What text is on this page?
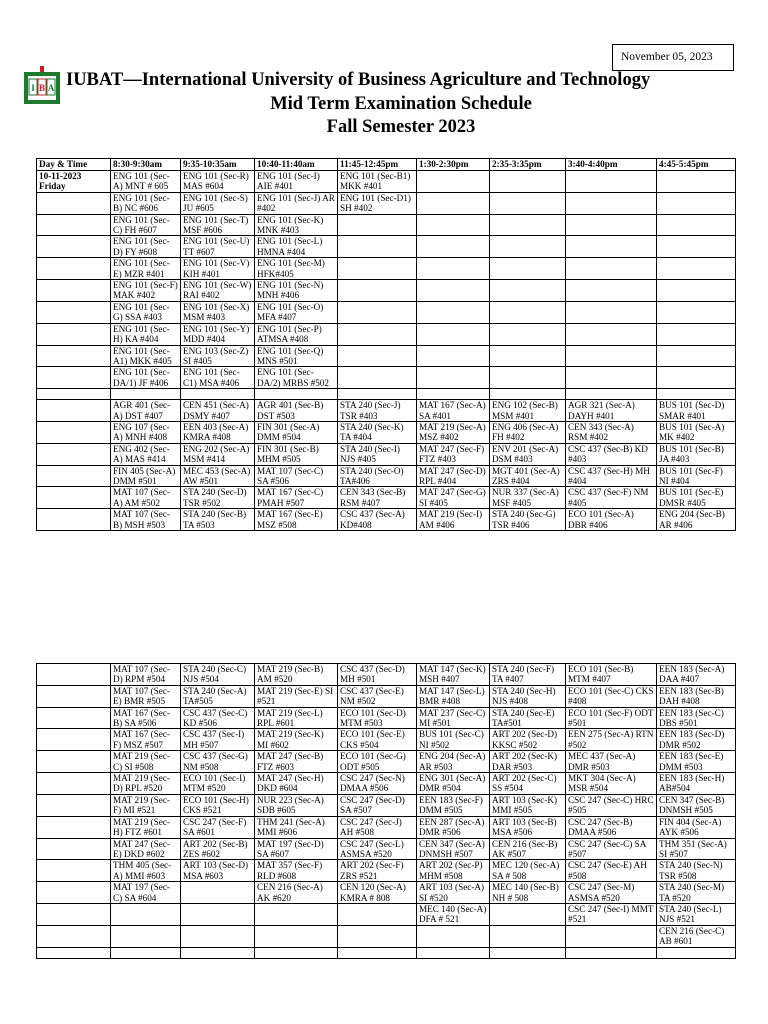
November 05, 2023
I B A IUBAT—International University of Business Agriculture and Technology
Mid Term Examination Schedule
Fall Semester 2023
Day & Time	8:30-9:30am	9:35-10:35am	10:40-11:40am	11:45-12:45pm	1:30-2:30pm	2:35-3:35pm	3:40-4:40pm	4:45-5:45pm

10-11-2023
Friday	ENG 101 (Sec-A) MNT # 605	ENG 101 (Sec-R) MAS #604	ENG 101 (Sec-I) AIE #401	ENG 101 (Sec-B1) MKK #401				
	ENG 101 (Sec-B) NC #606	ENG 101 (Sec-S) JU #605	ENG 101 (Sec-J) AR #402	ENG 101 (Sec-D1) SH #402				
	ENG 101 (Sec-C) FH #607	ENG 101 (Sec-T) MSF #606	ENG 101 (Sec-K) MNK #403					
	ENG 101 (Sec-D) FY #608	ENG 101 (Sec-U) TT #607	ENG 101 (Sec-L) HMNA #404					
	ENG 101 (Sec-E) MZR #401	ENG 101 (Sec-V) KIH #401	ENG 101 (Sec-M) HFK#405					
	ENG 101 (Sec-F) MAK #402	ENG 101 (Sec-W) RAI #402	ENG 101 (Sec-N) MNH #406					
	ENG 101 (Sec-G) SSA #403	ENG 101 (Sec-X) MSM #403	ENG 101 (Sec-O) MFA #407					
	ENG 101 (Sec-H) KA #404	ENG 101 (Sec-Y) MDD #404	ENG 101 (Sec-P) ATMSA #408					
	ENG 101 (Sec-A1) MKK #405	ENG 103 (Sec-Z) SI #405	ENG 101 (Sec-Q) MNS #501					
	ENG 101 (Sec-DA/1) JF #406	ENG 101 (Sec-C1) MSA #406	ENG 101 (Sec-DA/2) MRBS #502					

	AGR 401 (Sec-A) DST #407	CEN 451 (Sec-A) DSMY #407	AGR 401 (Sec-B) DST #503	STA 240 (Sec-J) TSR #403	MAT 167 (Sec-A) SA #401	ENG 102 (Sec-B) MSM #401	AGR 321 (Sec-A) DAYH #401	BUS 101 (Sec-D) SMAR #401
	ENG 107 (Sec-A) MNH #408	EEN 403 (Sec-A) KMRA #408	FIN 301 (Sec-A) DMM #504	STA 240 (Sec-K) TA #404	MAT 219 (Sec-A) MSZ #402	ENG 406 (Sec-A) FH #402	CEN 343 (Sec-A) RSM #402	BUS 101 (Sec-A) MK #402
	ENG 402 (Sec-A) MAS #414	ENG 202 (Sec-A) MSM #414	FIN 301 (Sec-B) MHM #505	STA 240 (Sec-I) NJS #405	MAT 247 (Sec-F) FTZ #403	ENV 201 (Sec-A) DSM #403	CSC 437 (Sec-B) KD #403	BUS 101 (Sec-B) JA #403
	FIN 405 (Sec-A) DMM #501	MEC 453 (Sec-A) AW #501	MAT 107 (Sec-C) SA #506	STA 240 (Sec-O) TA#406	MAT 247 (Sec-D) RPL #404	MGT 401 (Sec-A) ZRS #404	CSC 437 (Sec-H) MH #404	BUS 101 (Sec-F) NI #404
	MAT 107 (Sec-A) AM #502	STA 240 (Sec-D) TSR #502	MAT 167 (Sec-C) PMAH #507	CEN 343 (Sec-B) RSM #407	MAT 247 (Sec-G) SI #405	NUR 337 (Sec-A) MSF #405	CSC 437 (Sec-F) NM #405	BUS 101 (Sec-E) DMSR #405
	MAT 107 (Sec-B) MSH #503	STA 240 (Sec-B) TA #503	MAT 167 (Sec-E) MSZ #508	CSC 437 (Sec-A) KD#408	MAT 219 (Sec-I) AM #406	STA 240 (Sec-G) TSR #406	ECO 101 (Sec-A) DBR #406	ENG 204 (Sec-B) AR #406
	MAT 107 (Sec-D) RPM #504	STA 240 (Sec-C) NJS #504	MAT 219 (Sec-B) AM #520	CSC 437 (Sec-D) MH #501	MAT 147 (Sec-K) MSH #407	STA 240 (Sec-F) TA #407	ECO 101 (Sec-B) MTM #407	EEN 183 (Sec-A) DAA #407
	MAT 107 (Sec-E) BMR #505	STA 240 (Sec-A) TA#505	MAT 219 (Sec-E) SI #521	CSC 437 (Sec-E) NM #502	MAT 147 (Sec-L) BMR #408	STA 240 (Sec-H) NJS #408	ECO 101 (Sec-C) CKS #408	EEN 183 (Sec-B) DAH #408
	MAT 167 (Sec-B) SA #506	CSC 437 (Sec-C) KD #506	MAT 219 (Sec-L) RPL #601	ECO 101 (Sec-D) MTM #503	MAT 237 (Sec-C) MI #501	STA 240 (Sec-E) TA#501	ECO 101 (Sec-F) ODT #501	EEN 183 (Sec-C) DBS #501
	MAT 167 (Sec-F) MSZ #507	CSC 437 (Sec-I) MH #507	MAT 219 (Sec-K) MI #602	ECO 101 (Sec-E) CKS #504	BUS 101 (Sec-C) NI #502	ART 202 (Sec-D) KKSC #502	EEN 275 (Sec-A) RTN #502	EEN 183 (Sec-D) DMR #502
	MAT 219 (Sec-C) SI #508	CSC 437 (Sec-G) NM #508	MAT 247 (Sec-B) FTZ #603	ECO 101 (Sec-G) ODT #505	ENG 204 (Sec-A) AR #503	ART 202 (Sec-K) DAR #503	MEC 437 (Sec-A) DMR #503	EEN 183 (Sec-E) DMM #503
	MAT 219 (Sec-D) RPL #520	ECO 101 (Sec-I) MTM #520	MAT 247 (Sec-H) DKD #604	CSC 247 (Sec-N) DMAA #506	ENG 301 (Sec-A) DMR #504	ART 202 (Sec-C) SS #504	MKT 304 (Sec-A) MSR #504	EEN 183 (Sec-H) AB#504
	MAT 219 (Sec-F) MI #521	ECO 101 (Sec-H) CKS #521	NUR 223 (Sec-A) SDB #605	CSC 247 (Sec-D) SA #507	EEN 183 (Sec-F) DMM #505	ART 103 (Sec-K) MMI #505	CSC 247 (Sec-C) HRC #505	CEN 347 (Sec-B) DNMSH #505
	MAT 219 (Sec-H) FTZ #601	CSC 247 (Sec-F) SA #601	THM 241 (Sec-A) MMI #606	CSC 247 (Sec-J) AH #508	EEN 287 (Sec-A) DMR #506	ART 103 (Sec-B) MSA #506	CSC 247 (Sec-B) DMAA #506	FIN 404 (Sec-A) AYK #506
	MAT 247 (Sec-E) DKD #602	ART 202 (Sec-B) ZES #602	MAT 197 (Sec-D) SA #607	CSC 247 (Sec-L) ASMSA #520	CEN 347 (Sec-A) DNMSH #507	CEN 216 (Sec-B) AK #507	CSC 247 (Sec-C) SA #507	THM 351 (Sec-A) SI #507
	THM 405 (Sec-A) MMI #603	ART 103 (Sec-D) MSA #603	MAT 357 (Sec-F) RLD #608	ART 202 (Sec-F) ZRS #521	ART 202 (Sec-P) MHM #508	MEC 120 (Sec-A) SA # 508	CSC 247 (Sec-E) AH #508	STA 240 (Sec-N) TSR #508
	MAT 197 (Sec-C) SA #604		CEN 216 (Sec-A) AK #620	CEN 120 (Sec-A) KMRA # 808	ART 103 (Sec-A) SI #520	MEC 140 (Sec-B) NH # 508	CSC 247 (Sec-M) ASMSA #520	STA 240 (Sec-M) TA #520
					MEC 140 (Sec-A) DFA # 521		CSC 247 (Sec-I) MMT #521	STA 240 (Sec-L) NJS #521
								CEN 216 (Sec-C) AB #601
